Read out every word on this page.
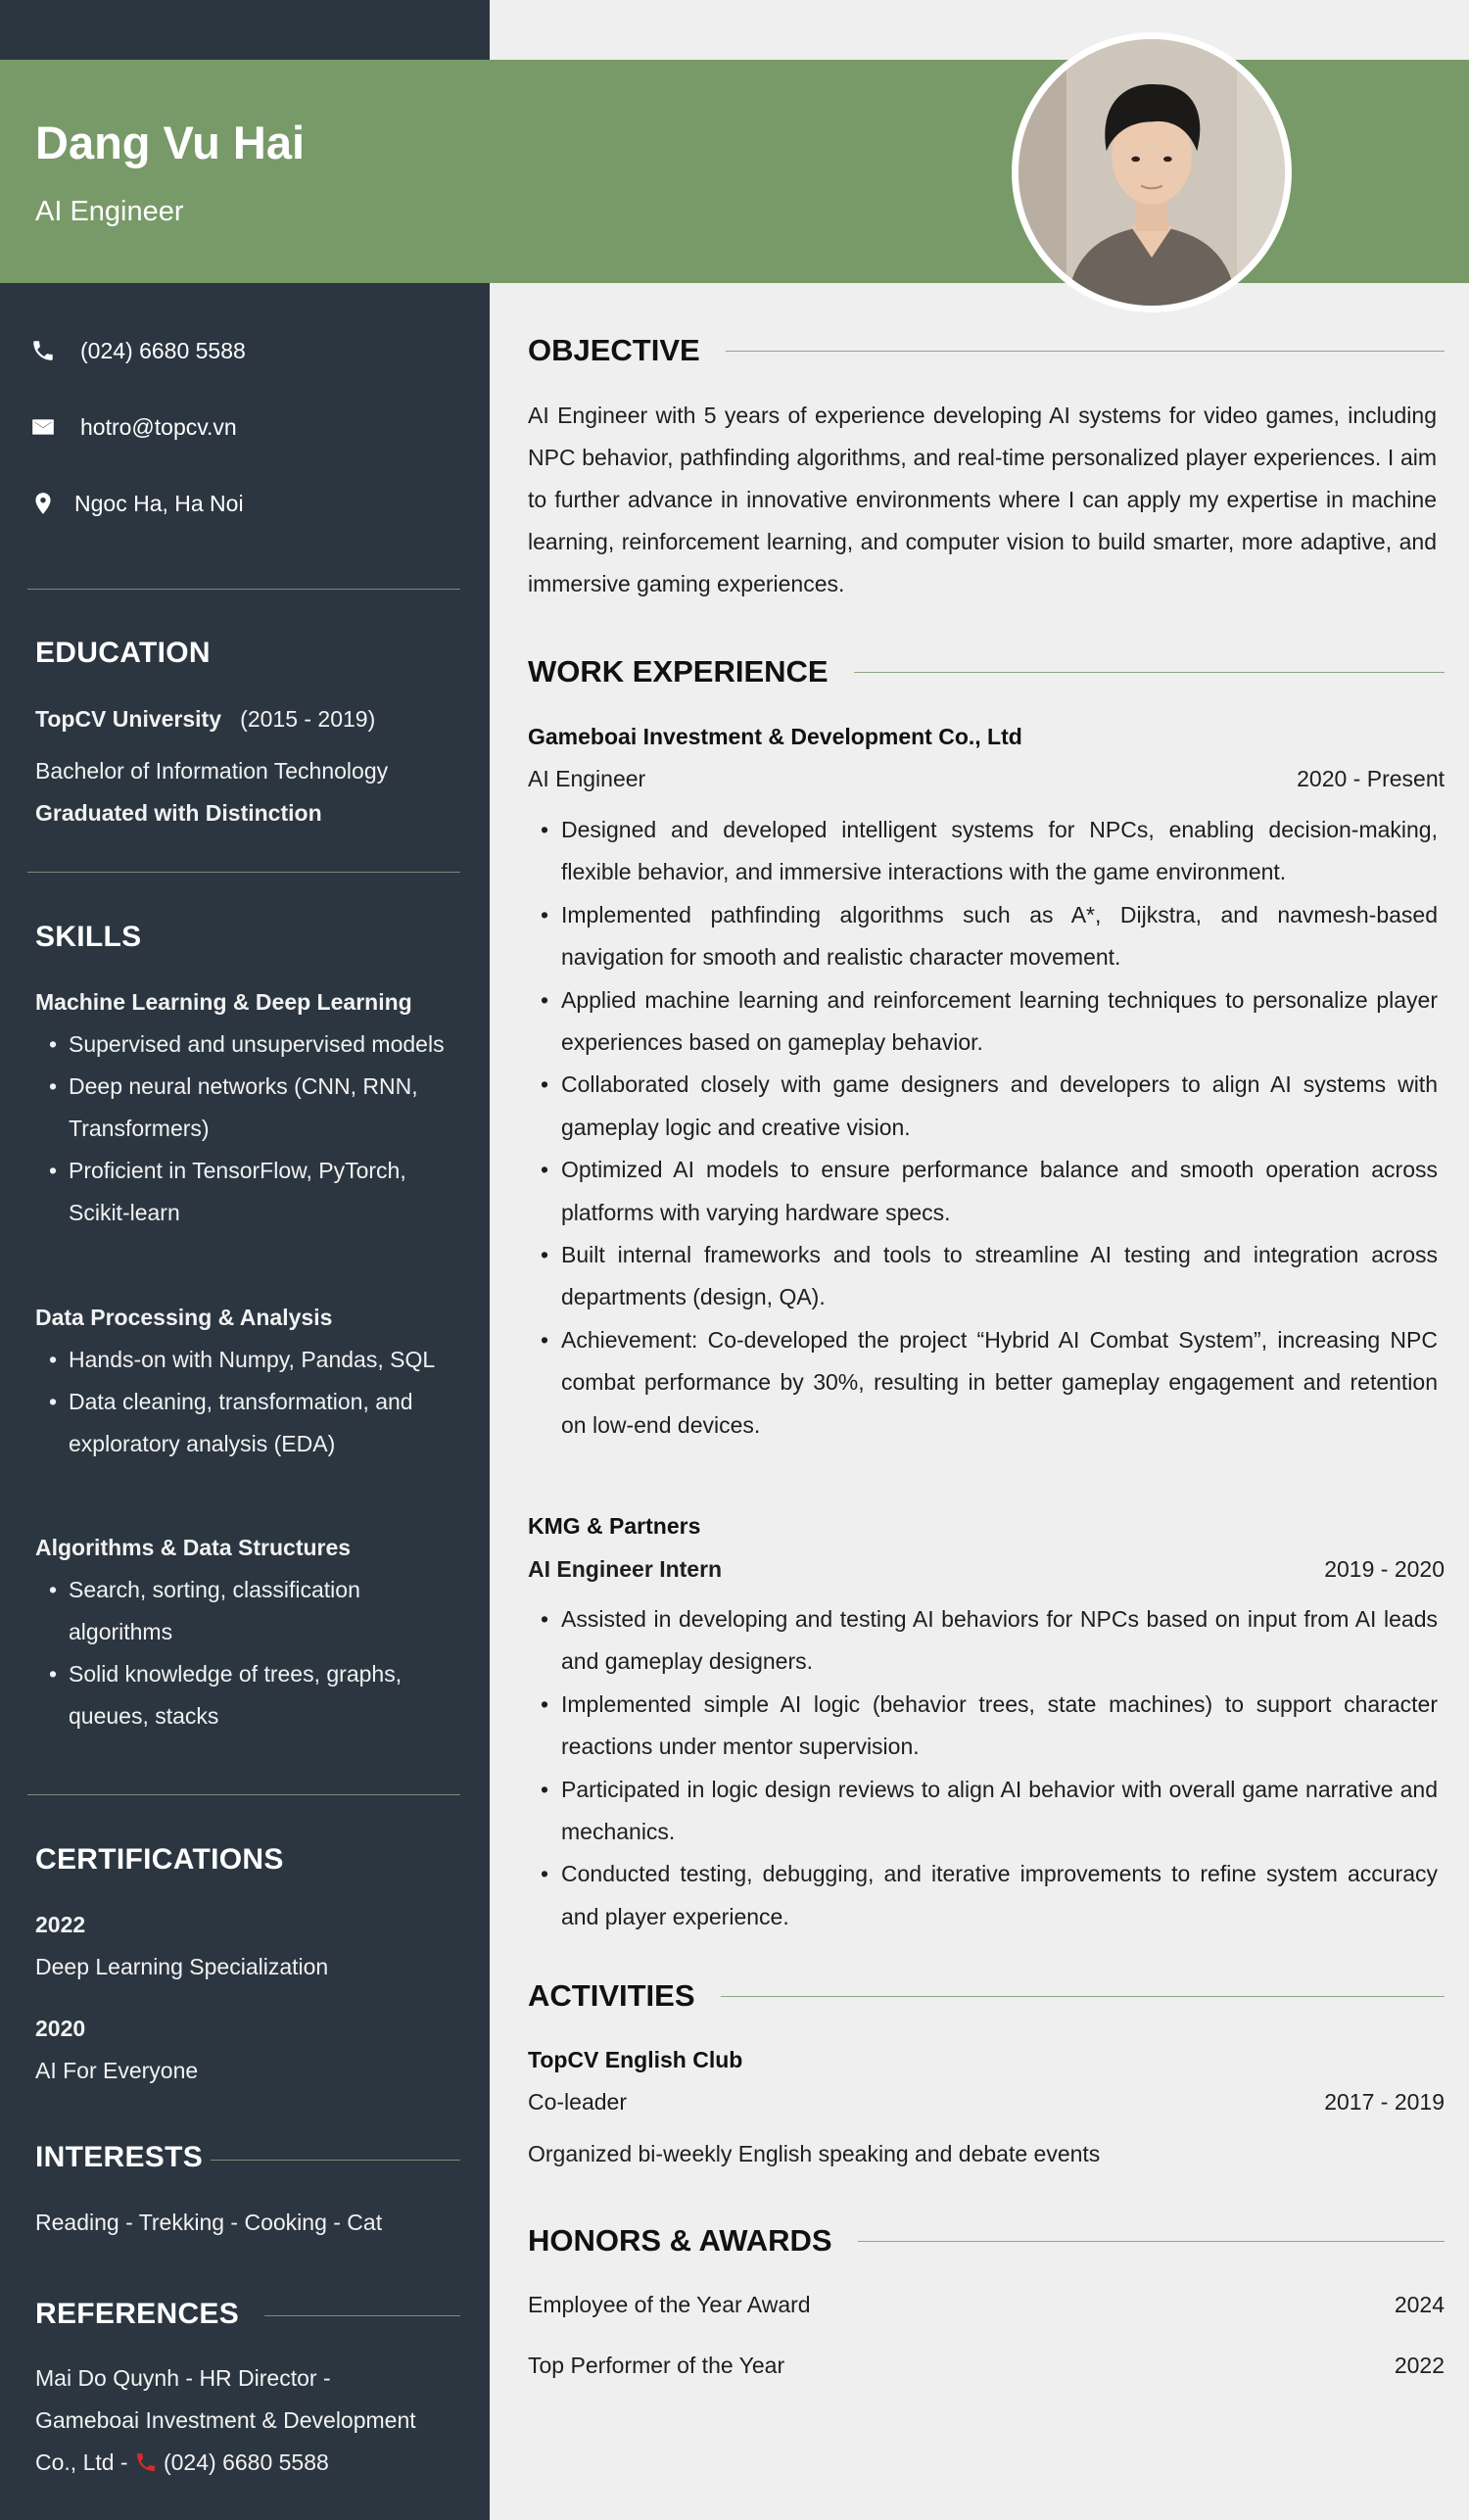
Dang Vu Hai
AI Engineer
(024) 6680 5588
hotro@topcv.vn
Ngoc Ha, Ha Noi
EDUCATION
TopCV University (2015 - 2019)
Bachelor of Information Technology
Graduated with Distinction
SKILLS
Machine Learning & Deep Learning
• Supervised and unsupervised models
• Deep neural networks (CNN, RNN, Transformers)
• Proficient in TensorFlow, PyTorch, Scikit-learn
Data Processing & Analysis
• Hands-on with Numpy, Pandas, SQL
• Data cleaning, transformation, and exploratory analysis (EDA)
Algorithms & Data Structures
• Search, sorting, classification algorithms
• Solid knowledge of trees, graphs, queues, stacks
CERTIFICATIONS
2022
Deep Learning Specialization
2020
AI For Everyone
INTERESTS
Reading - Trekking - Cooking - Cat
REFERENCES
Mai Do Quynh - HR Director -
Gameboai Investment & Development
Co., Ltd - (024) 6680 5588
OBJECTIVE
AI Engineer with 5 years of experience developing AI systems for video games, including NPC behavior, pathfinding algorithms, and real-time personalized player experiences. I aim to further advance in innovative environments where I can apply my expertise in machine learning, reinforcement learning, and computer vision to build smarter, more adaptive, and immersive gaming experiences.
WORK EXPERIENCE
Gameboai Investment & Development Co., Ltd
AI Engineer	2020 - Present
• Designed and developed intelligent systems for NPCs, enabling decision-making, flexible behavior, and immersive interactions with the game environment.
• Implemented pathfinding algorithms such as A*, Dijkstra, and navmesh-based navigation for smooth and realistic character movement.
• Applied machine learning and reinforcement learning techniques to personalize player experiences based on gameplay behavior.
• Collaborated closely with game designers and developers to align AI systems with gameplay logic and creative vision.
• Optimized AI models to ensure performance balance and smooth operation across platforms with varying hardware specs.
• Built internal frameworks and tools to streamline AI testing and integration across departments (design, QA).
• Achievement: Co-developed the project “Hybrid AI Combat System”, increasing NPC combat performance by 30%, resulting in better gameplay engagement and retention on low-end devices.
KMG & Partners
AI Engineer Intern	2019 - 2020
• Assisted in developing and testing AI behaviors for NPCs based on input from AI leads and gameplay designers.
• Implemented simple AI logic (behavior trees, state machines) to support character reactions under mentor supervision.
• Participated in logic design reviews to align AI behavior with overall game narrative and mechanics.
• Conducted testing, debugging, and iterative improvements to refine system accuracy and player experience.
ACTIVITIES
TopCV English Club
Co-leader	2017 - 2019
Organized bi-weekly English speaking and debate events
HONORS & AWARDS
Employee of the Year Award	2024
Top Performer of the Year	2022
